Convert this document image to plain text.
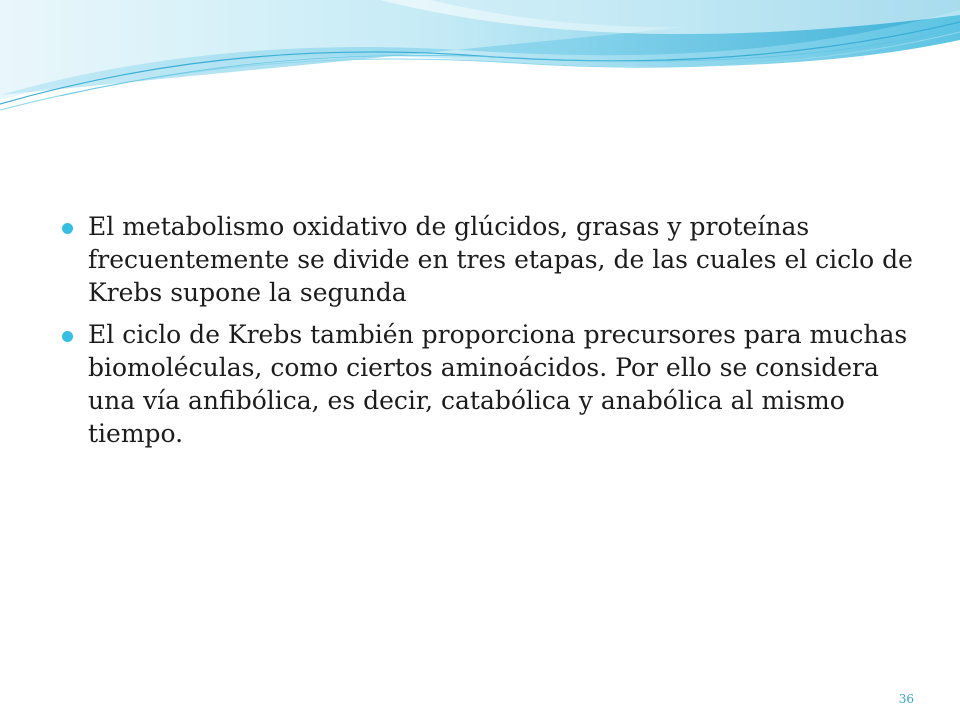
El metabolismo oxidativo de glúcidos, grasas y proteínas frecuentemente se divide en tres etapas, de las cuales el ciclo de Krebs supone la segunda
El ciclo de Krebs también proporciona precursores para muchas biomoléculas, como ciertos aminoácidos. Por ello se considera una vía anfibólica, es decir, catabólica y anabólica al mismo tiempo.
36
